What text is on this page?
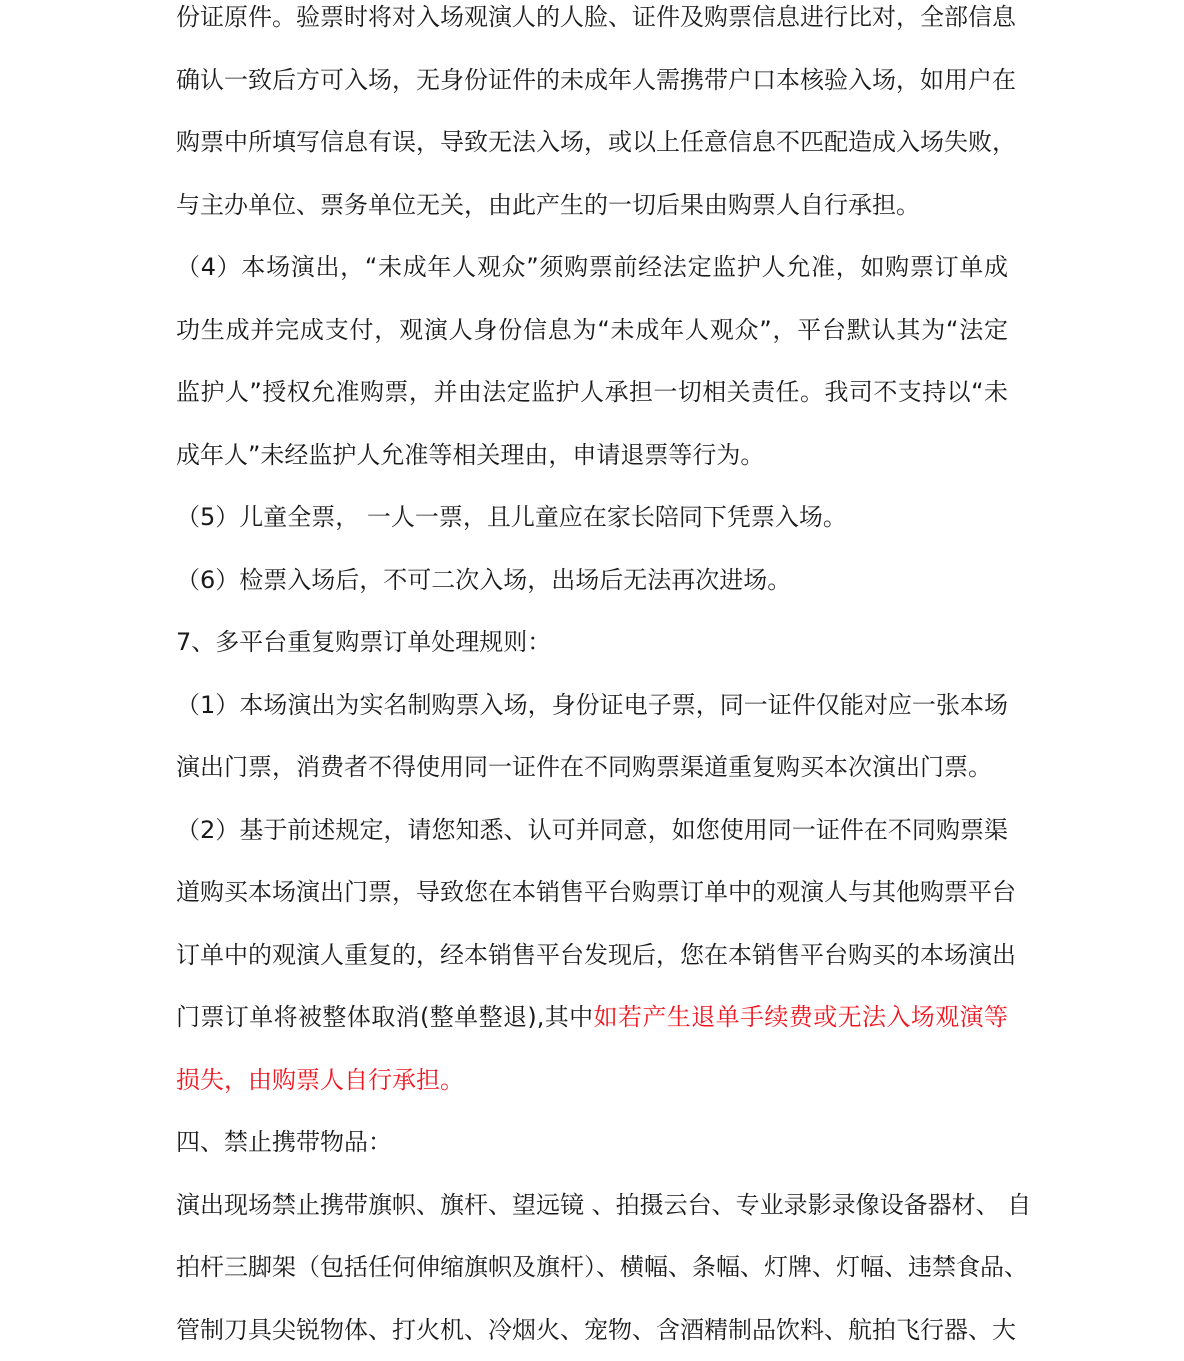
份证原件。验票时将对入场观演人的人脸、证件及购票信息进行比对，全部信息
确认一致后方可入场，无身份证件的未成年人需携带户口本核验入场，如用户在
购票中所填写信息有误，导致无法入场，或以上任意信息不匹配造成入场失败，
与主办单位、票务单位无关，由此产生的一切后果由购票人自行承担。
（4）本场演出，“未成年人观众”须购票前经法定监护人允准，如购票订单成
功生成并完成支付，观演人身份信息为“未成年人观众”，平台默认其为“法定
监护人”授权允准购票，并由法定监护人承担一切相关责任。我司不支持以“未
成年人”未经监护人允准等相关理由，申请退票等行为。
（5）儿童全票， 一人一票，且儿童应在家长陪同下凭票入场。
（6）检票入场后，不可二次入场，出场后无法再次进场。
7、多平台重复购票订单处理规则：
（1）本场演出为实名制购票入场，身份证电子票，同一证件仅能对应一张本场
演出门票，消费者不得使用同一证件在不同购票渠道重复购买本次演出门票。
（2）基于前述规定，请您知悉、认可并同意，如您使用同一证件在不同购票渠
道购买本场演出门票，导致您在本销售平台购票订单中的观演人与其他购票平台
订单中的观演人重复的，经本销售平台发现后，您在本销售平台购买的本场演出
门票订单将被整体取消(整单整退),其中如若产生退单手续费或无法入场观演等
损失，由购票人自行承担。
四、禁止携带物品：
演出现场禁止携带旗帜、旗杆、望远镜 、拍摄云台、专业录影录像设备器材、 自
拍杆三脚架（包括任何伸缩旗帜及旗杆）、横幅、条幅、灯牌、灯幅、违禁食品、
管制刀具尖锐物体、打火机、冷烟火、宠物、含酒精制品饮料、航拍飞行器、大
